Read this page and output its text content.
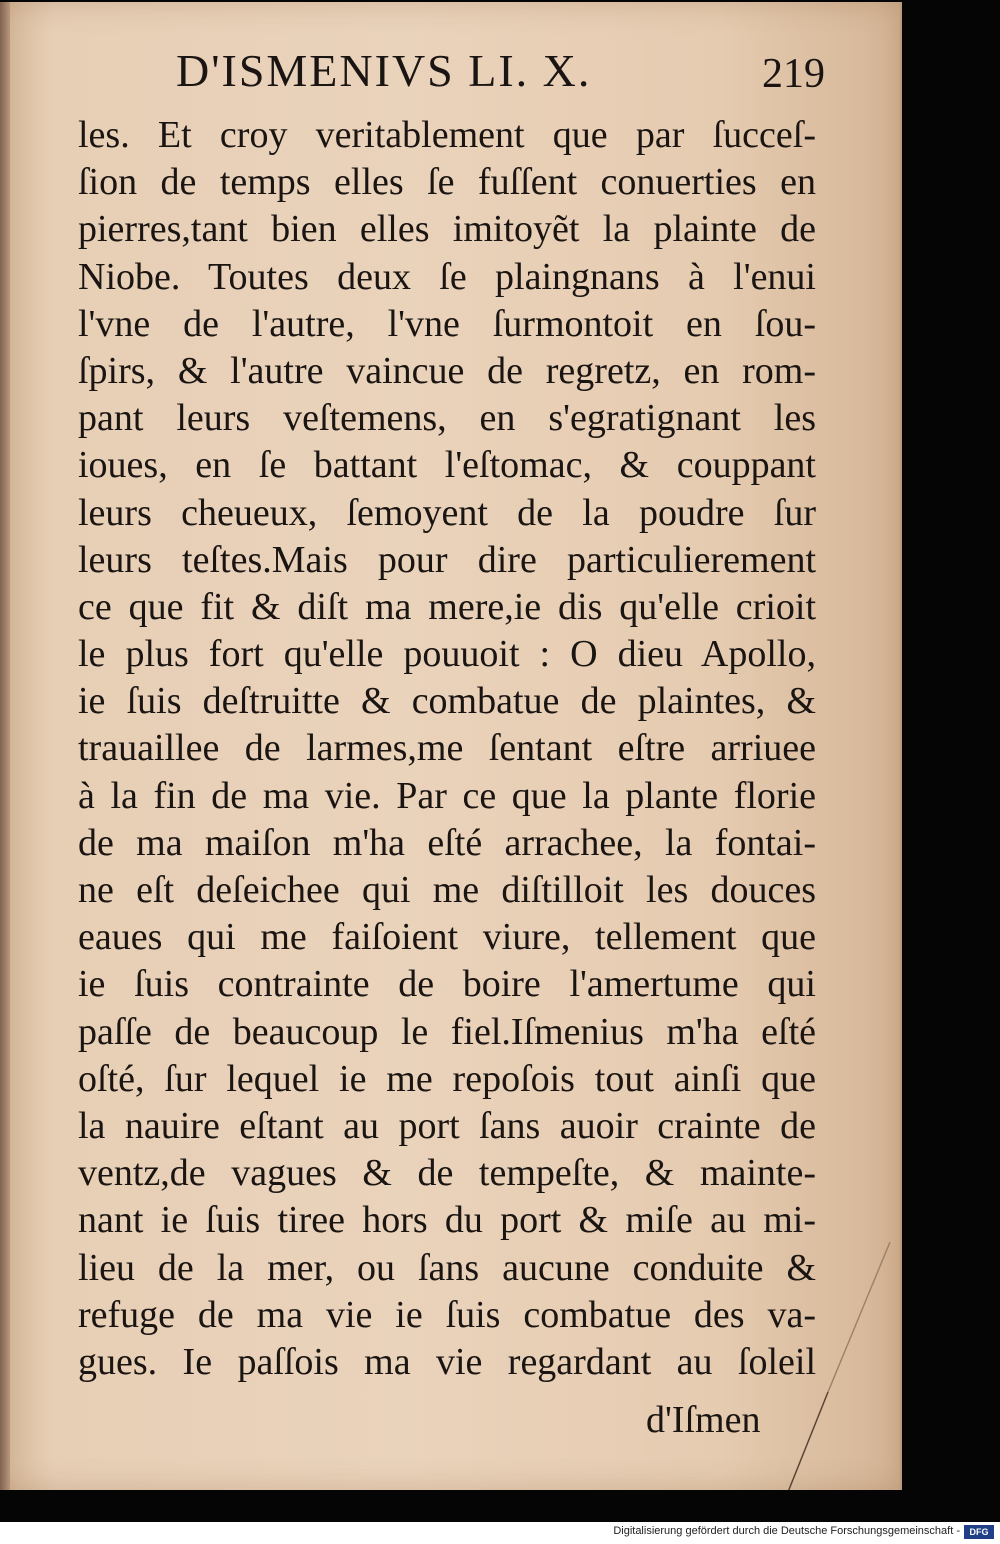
D'ISMENIVS LI. X.	219
les. Et croy veritablement que par ſucceſ-
ſion de temps elles ſe fuſſent conuerties en
pierres,tant bien elles imitoyẽt la plainte de
Niobe. Toutes deux ſe plaingnans à l'enui
l'vne de l'autre, l'vne ſurmontoit en ſou-
ſpirs, & l'autre vaincue de regretz, en rom-
pant leurs veſtemens, en s'egratignant les
ioues, en ſe battant l'eſtomac, & couppant
leurs cheueux, ſemoyent de la poudre ſur
leurs teſtes.Mais pour dire particulierement
ce que fit & diſt ma mere,ie dis qu'elle crioit
le plus fort qu'elle pouuoit : O dieu Apollo,
ie ſuis deſtruitte & combatue de plaintes, &
trauaillee de larmes,me ſentant eſtre arriuee
à la fin de ma vie. Par ce que la plante florie
de ma maiſon m'ha eſté arrachee, la fontai-
ne eſt deſeichee qui me diſtilloit les douces
eaues qui me faiſoient viure, tellement que
ie ſuis contrainte de boire l'amertume qui
paſſe de beaucoup le fiel.Iſmenius m'ha eſté
oſté, ſur lequel ie me repoſois tout ainſi que
la nauire eſtant au port ſans auoir crainte de
ventz,de vagues & de tempeſte, & mainte-
nant ie ſuis tiree hors du port & miſe au mi-
lieu de la mer, ou ſans aucune conduite &
refuge de ma vie ie ſuis combatue des va-
gues. Ie paſſois ma vie regardant au ſoleil
d'Iſmen
Digitalisierung gefördert durch die Deutsche Forschungsgemeinschaft -	DFG
